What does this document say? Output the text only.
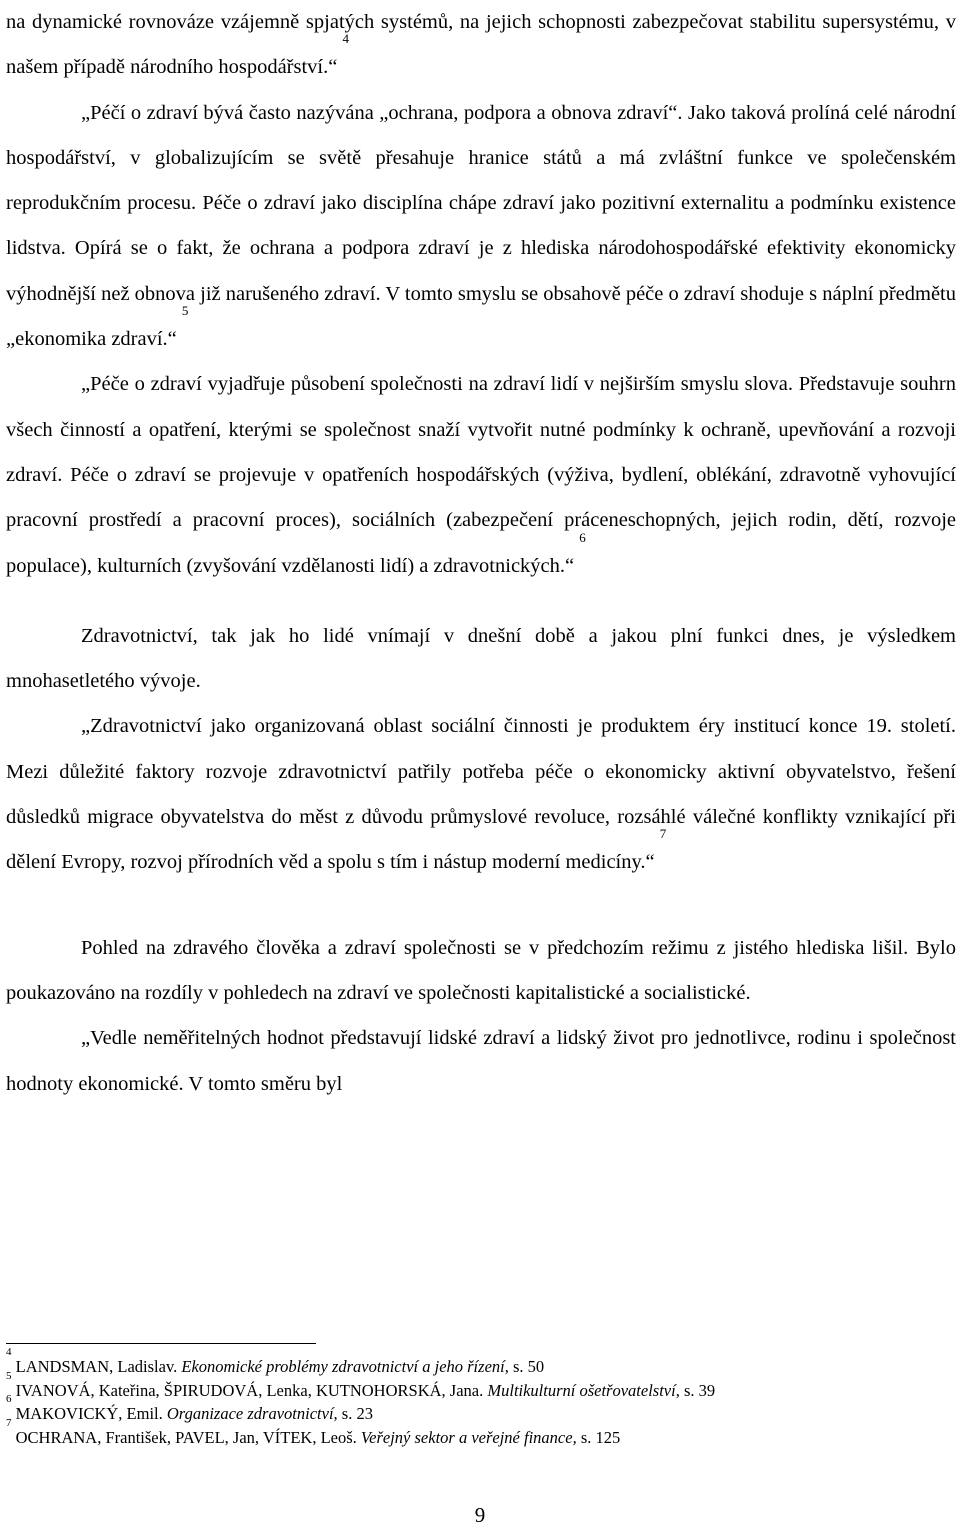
na dynamické rovnováze vzájemně spjatých systémů, na jejich schopnosti zabezpečovat stabilitu supersystému, v našem případě národního hospodářství.“ $^4$

„Péčí o zdraví bývá často nazývána „ochrana, podpora a obnova zdraví“. Jako taková prolíná celé národní hospodářství, v globalizujícím se světě přesahuje hranice států a má zvláštní funkce ve společenském reprodukčním procesu. Péče o zdraví jako disciplína chápe zdraví jako pozitivní externalitu a podmínku existence lidstva. Opírá se o fakt, že ochrana a podpora zdraví je z hlediska národohospodářské efektivity ekonomicky výhodnější než obnova již narušeného zdraví. V tomto smyslu se obsahově péče o zdraví shoduje s náplní předmětu „ekonomika zdraví.“ $^5$

„Péče o zdraví vyjadřuje působení společnosti na zdraví lidí v nejširším smyslu slova. Představuje souhrn všech činností a opatření, kterými se společnost snaží vytvořit nutné podmínky k ochraně, upevňování a rozvoji zdraví. Péče o zdraví se projevuje v opatřeních hospodářských (výživa, bydlení, oblékání, zdravotně vyhovující pracovní prostředí a pracovní proces), sociálních (zabezpečení práceneschopných, jejich rodin, dětí, rozvoje populace), kulturních (zvyšování vzdělanosti lidí) a zdravotnických.“ $^6$

Zdravotnictví, tak jak ho lidé vnímají v dnešní době a jakou plní funkci dnes, je výsledkem mnohasetletého vývoje.

„Zdravotnictví jako organizovaná oblast sociální činnosti je produktem éry institucí konce 19. století. Mezi důležité faktory rozvoje zdravotnictví patřily potřeba péče o ekonomicky aktivní obyvatelstvo, řešení důsledků migrace obyvatelstva do měst z důvodu průmyslové revoluce, rozsáhlé válečné konflikty vznikající při dělení Evropy, rozvoj přírodních věd a spolu s tím i nástup moderní medicíny.“ $^7$

Pohled na zdravého člověka a zdraví společnosti se v předchozím režimu z jistého hlediska lišil. Bylo poukazováno na rozdíly v pohledech na zdraví ve společnosti kapitalistické a socialistické.

„Vedle neměřitelných hodnot představují lidské zdraví a lidský život pro jednotlivce, rodinu i společnost hodnoty ekonomické. V tomto směru byl

$^4$ LANDSMAN, Ladislav. Ekonomické problémy zdravotnictví a jeho řízení, s. 50

$^5$ IVANOVÁ, Kateřina, ŠPIRUDOVÁ, Lenka, KUTNOHORSKÁ, Jana. Multikulturní ošetřovatelství, s. 39

$^6$ MAKOVICKÝ, Emil. Organizace zdravotnictví, s. 23

$^7$ OCHRANA, František, PAVEL, Jan, VÍTEK, Leoš. Veřejný sektor a veřejné finance, s. 125

9
